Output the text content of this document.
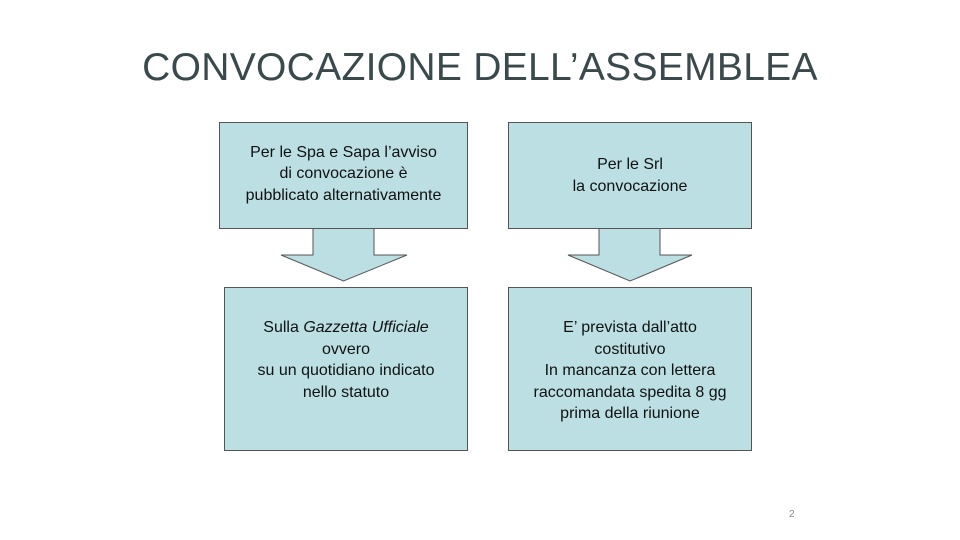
CONVOCAZIONE DELL’ASSEMBLEA
Per le Spa e Sapa l’avviso
di convocazione è
pubblicato alternativamente
Sulla Gazzetta Ufficiale
ovvero
su un quotidiano indicato
nello statuto
Per le Srl
la convocazione
E’ prevista dall’atto
costitutivo
In mancanza con lettera
raccomandata spedita 8 gg
prima della riunione
2
